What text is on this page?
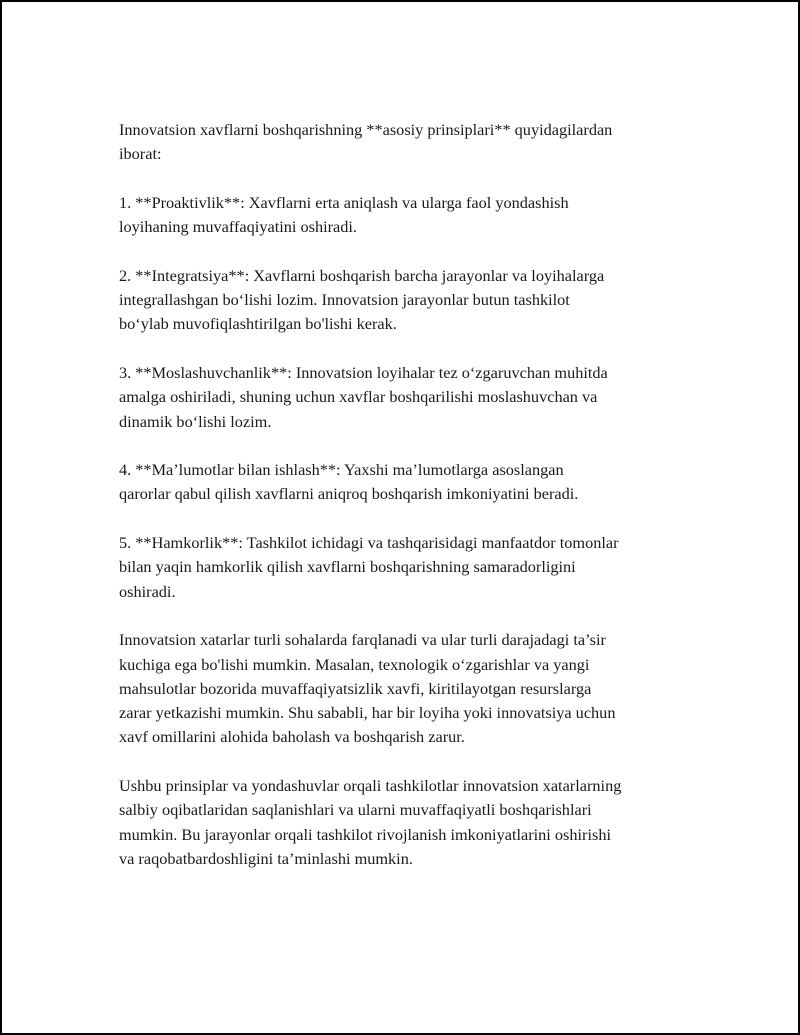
Innovatsion xavflarni boshqarishning **asosiy prinsiplari** quyidagilardan
iborat:

1. **Proaktivlik**: Xavflarni erta aniqlash va ularga faol yondashish
loyihaning muvaffaqiyatini oshiradi.

2. **Integratsiya**: Xavflarni boshqarish barcha jarayonlar va loyihalarga
integrallashgan bo‘lishi lozim. Innovatsion jarayonlar butun tashkilot
bo‘ylab muvofiqlashtirilgan bo'lishi kerak.

3. **Moslashuvchanlik**: Innovatsion loyihalar tez o‘zgaruvchan muhitda
amalga oshiriladi, shuning uchun xavflar boshqarilishi moslashuvchan va
dinamik bo‘lishi lozim.

4. **Ma’lumotlar bilan ishlash**: Yaxshi ma’lumotlarga asoslangan
qarorlar qabul qilish xavflarni aniqroq boshqarish imkoniyatini beradi.

5. **Hamkorlik**: Tashkilot ichidagi va tashqarisidagi manfaatdor tomonlar
bilan yaqin hamkorlik qilish xavflarni boshqarishning samaradorligini
oshiradi.

Innovatsion xatarlar turli sohalarda farqlanadi va ular turli darajadagi ta’sir
kuchiga ega bo'lishi mumkin. Masalan, texnologik o‘zgarishlar va yangi
mahsulotlar bozorida muvaffaqiyatsizlik xavfi, kiritilayotgan resurslarga
zarar yetkazishi mumkin. Shu sababli, har bir loyiha yoki innovatsiya uchun
xavf omillarini alohida baholash va boshqarish zarur.

Ushbu prinsiplar va yondashuvlar orqali tashkilotlar innovatsion xatarlarning
salbiy oqibatlaridan saqlanishlari va ularni muvaffaqiyatli boshqarishlari
mumkin. Bu jarayonlar orqali tashkilot rivojlanish imkoniyatlarini oshirishi
va raqobatbardoshligini ta’minlashi mumkin.
